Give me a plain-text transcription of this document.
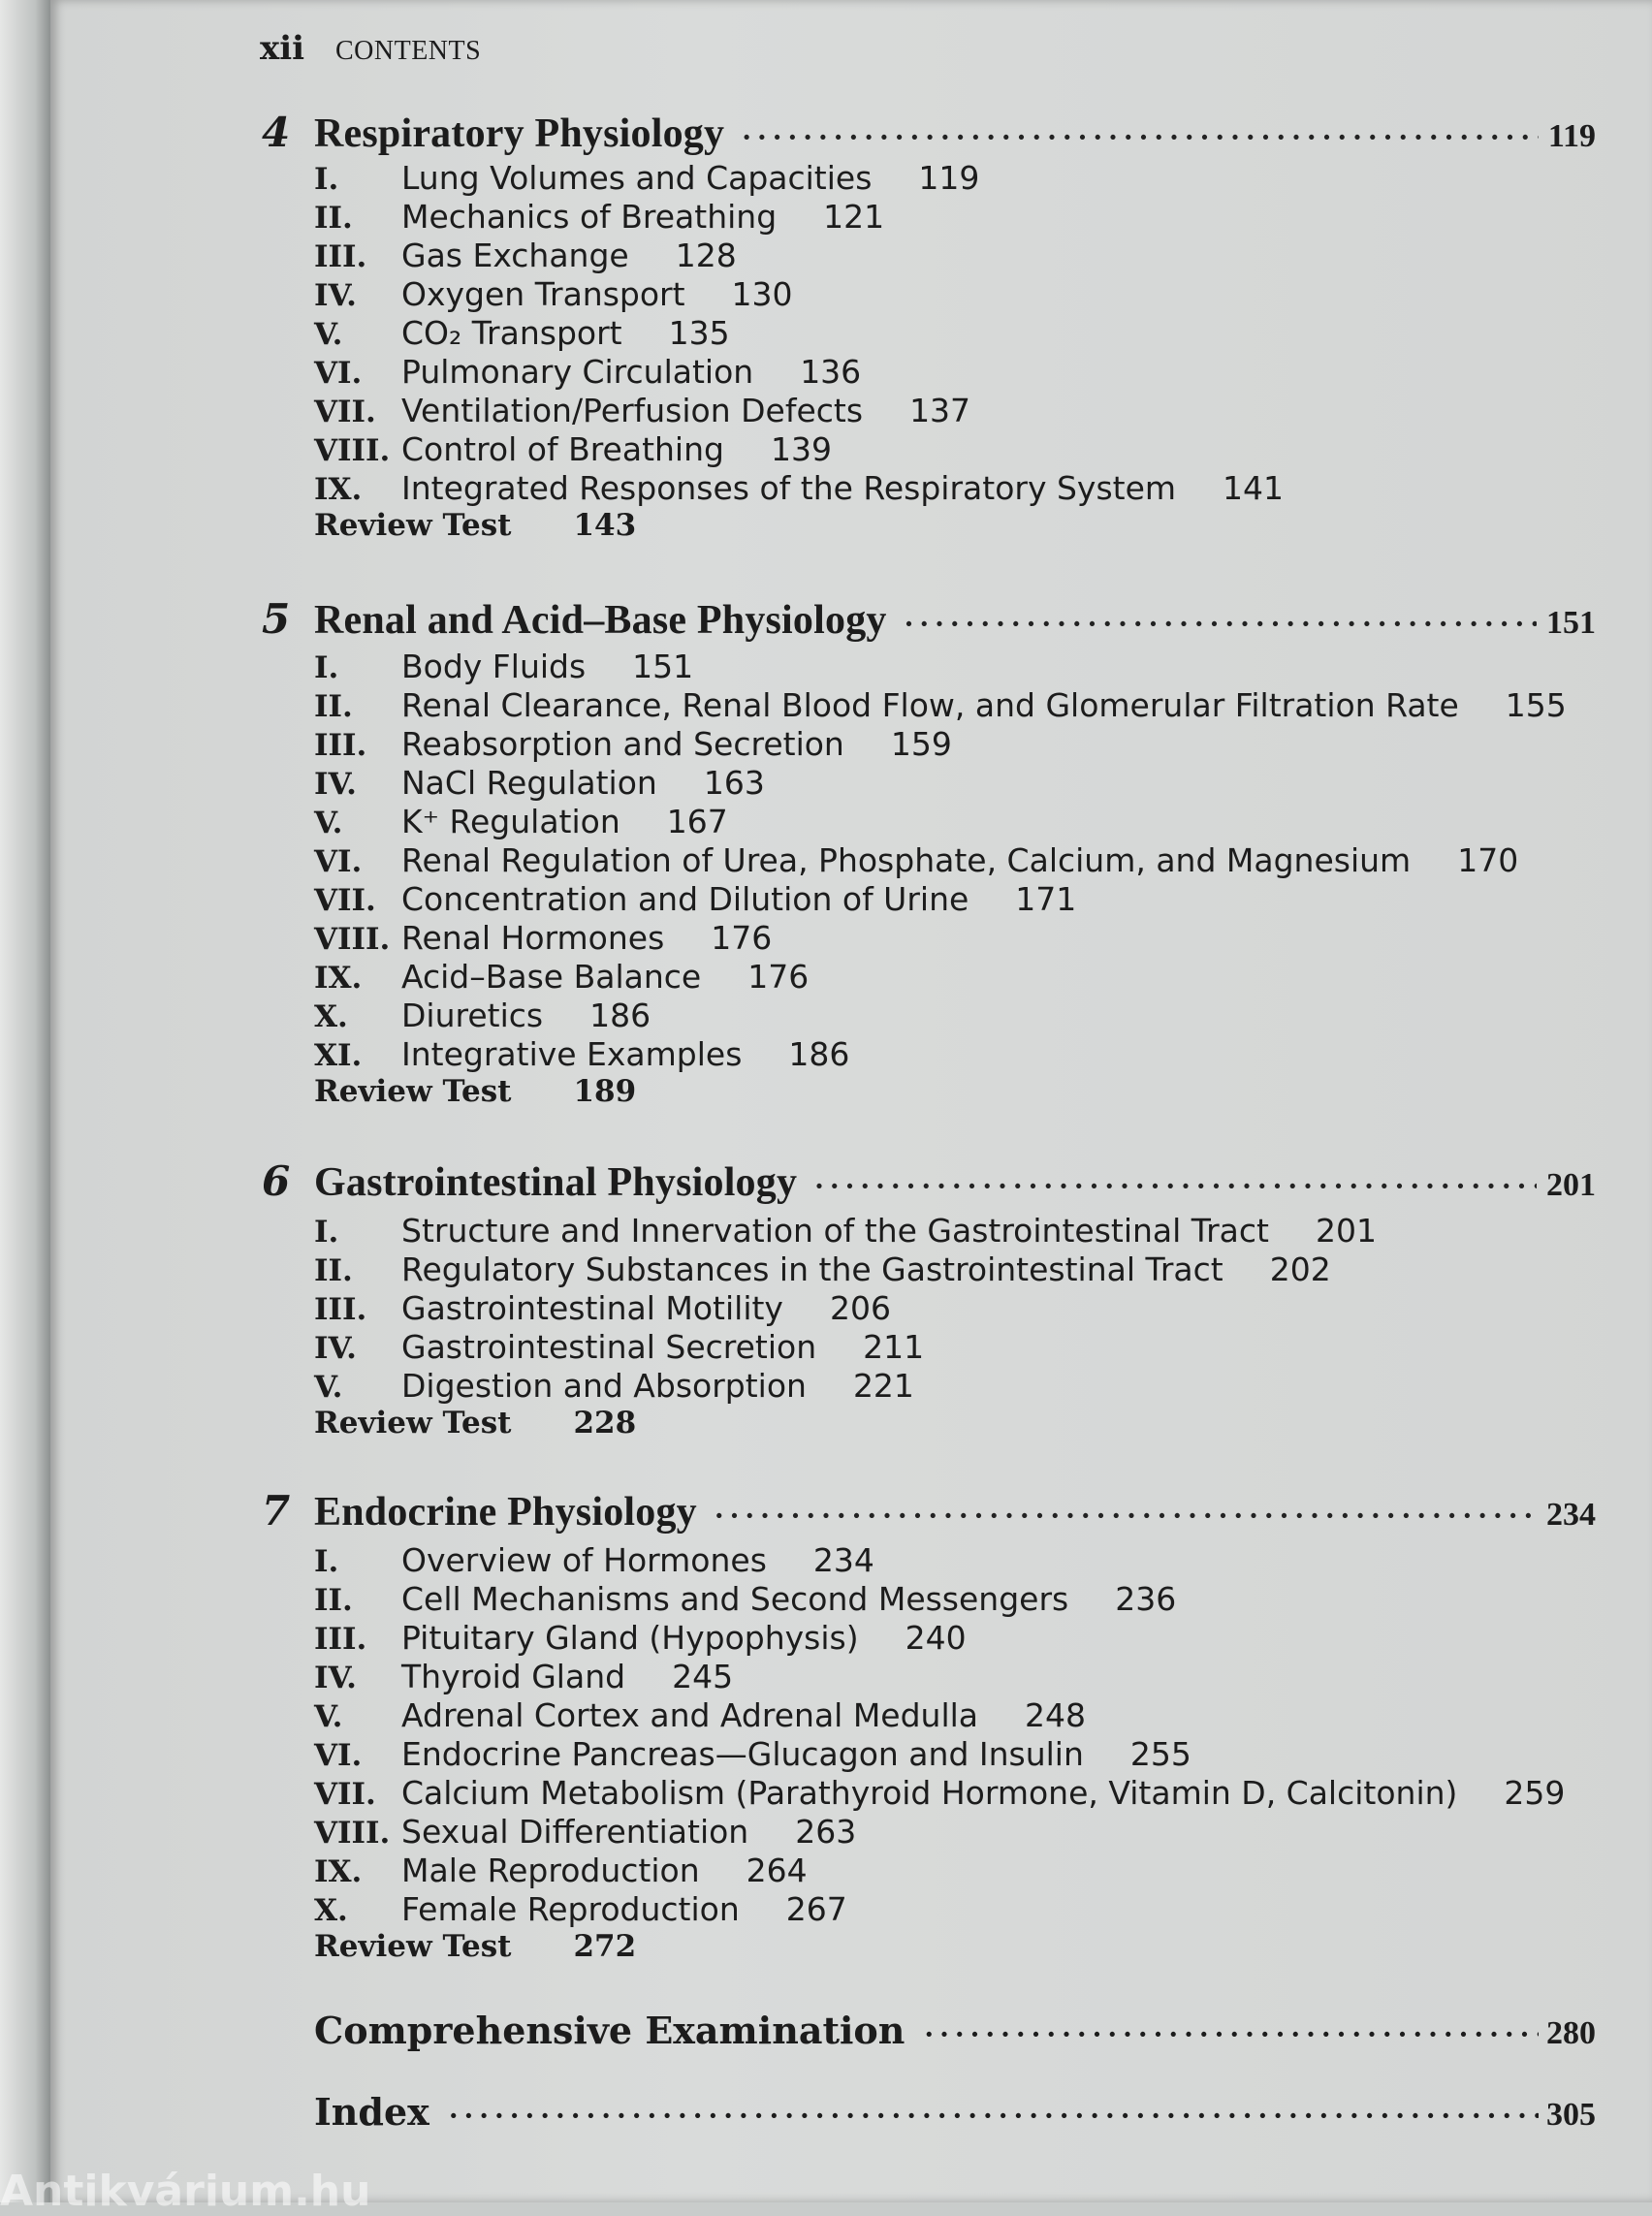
xii CONTENTS
4 Respiratory Physiology ·····	119
I.	Lung Volumes and Capacities 119
II.	Mechanics of Breathing 121
III.	Gas Exchange 128
IV.	Oxygen Transport 130
V.	CO₂ Transport 135
VI.	Pulmonary Circulation 136
VII. Ventilation/Perfusion Defects 137
VIII. Control of Breathing 139
IX.	Integrated Responses of the Respiratory System 141
Review Test 143
5 Renal and Acid–Base Physiology ·····	151
I.	Body Fluids 151
II.	Renal Clearance, Renal Blood Flow, and Glomerular Filtration Rate 155
III.	Reabsorption and Secretion 159
IV.	NaCl Regulation 163
V.	K⁺ Regulation 167
VI.	Renal Regulation of Urea, Phosphate, Calcium, and Magnesium 170
VII. Concentration and Dilution of Urine 171
VIII. Renal Hormones 176
IX.	Acid–Base Balance 176
X.	Diuretics 186
XI.	Integrative Examples 186
Review Test 189
6 Gastrointestinal Physiology ·····	201
I.	Structure and Innervation of the Gastrointestinal Tract 201
II.	Regulatory Substances in the Gastrointestinal Tract 202
III.	Gastrointestinal Motility 206
IV.	Gastrointestinal Secretion 211
V.	Digestion and Absorption 221
Review Test 228
7 Endocrine Physiology ·····	234
I.	Overview of Hormones 234
II.	Cell Mechanisms and Second Messengers 236
III.	Pituitary Gland (Hypophysis) 240
IV.	Thyroid Gland 245
V.	Adrenal Cortex and Adrenal Medulla 248
VI.	Endocrine Pancreas—Glucagon and Insulin 255
VII. Calcium Metabolism (Parathyroid Hormone, Vitamin D, Calcitonin) 259
VIII. Sexual Differentiation 263
IX.	Male Reproduction 264
X.	Female Reproduction 267
Review Test 272
Comprehensive Examination ·····	280
Index ·····	305
Antikvárium.hu
